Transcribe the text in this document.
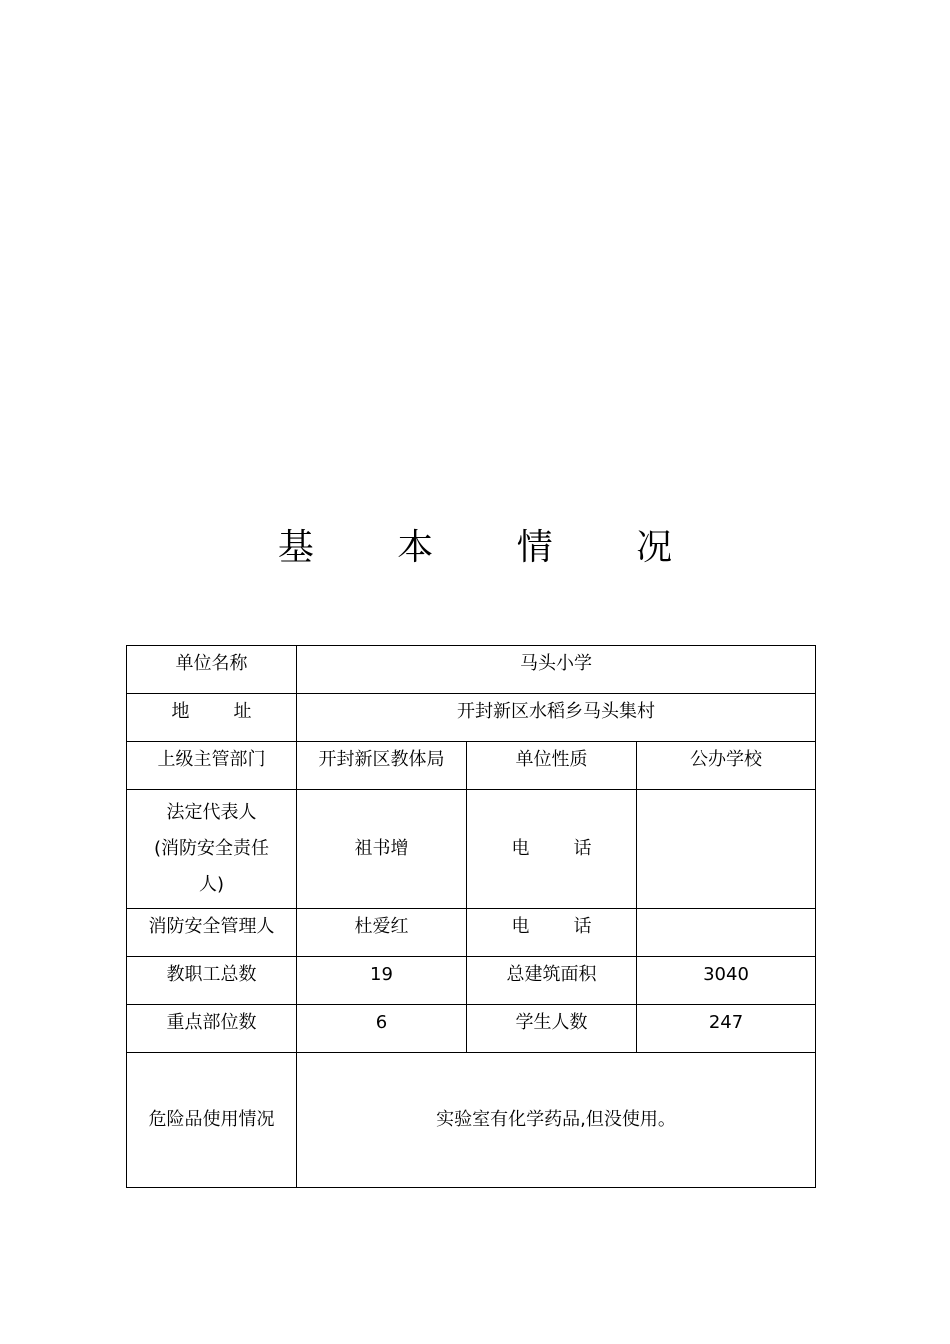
基 本 情 况
单位名称	马头小学		
地 址	开封新区水稻乡马头集村		
上级主管部门	开封新区教体局	单位性质	公办学校

法定代表人
(消防安全责任
人)	祖书增	电 话	
消防安全管理人	杜爱红	电 话	
教职工总数	19	总建筑面积	3040
重点部位数	6	学生人数	247
危险品使用情况	实验室有化学药品,但没使用。		
